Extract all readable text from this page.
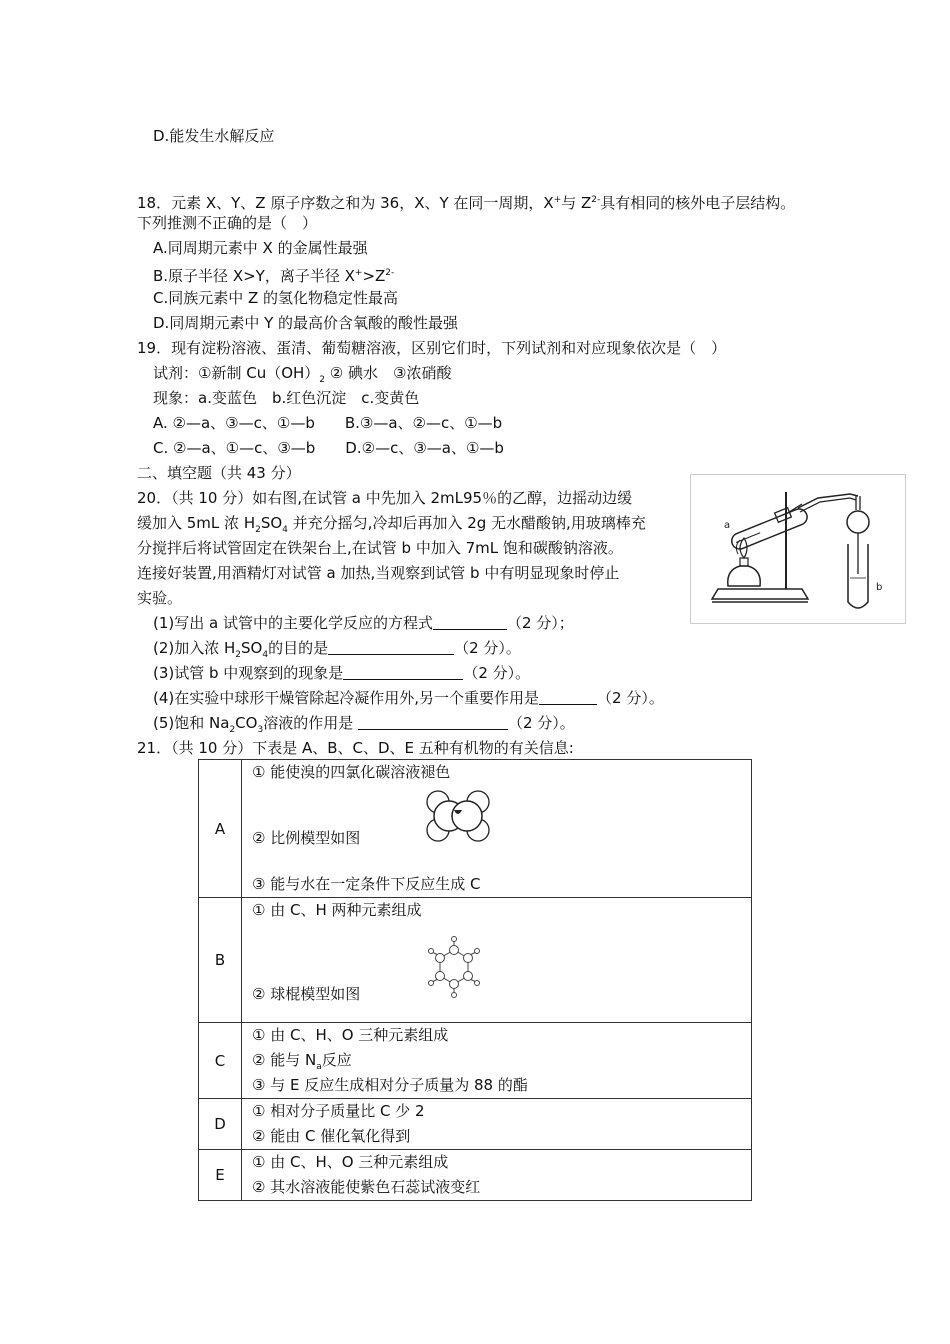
D.能发生水解反应
18．元素 X、Y、Z 原子序数之和为 36，X、Y 在同一周期，X+与 $Z^{2-}$具有相同的核外电子层结构。
下列推测不正确的是（　）
A.同周期元素中 X 的金属性最强
B.原子半径 X>Y，离子半径 $X^+>Z^{2-}$
C.同族元素中 Z 的氢化物稳定性最高
D.同周期元素中 Y 的最高价含氧酸的酸性最强
19．现有淀粉溶液、蛋清、葡萄糖溶液，区别它们时，下列试剂和对应现象依次是（　）
试剂：①新制 $Cu(OH)_2$ ② 碘水　③浓硝酸
现象：a.变蓝色　b.红色沉淀　c.变黄色
A. ②—a、③—c、①—b　　B.③—a、②—c、①—b
C. ②—a、①—c、③—b　　D.②—c、③—a、①—b
二、填空题（共 43 分）
20．（共 10 分）如右图,在试管 a 中先加入 2mL95％的乙醇，边摇动边缓
缓加入 5mL 浓 $H_2SO_4$ 并充分摇匀,冷却后再加入 2g 无水醋酸钠,用玻璃棒充
分搅拌后将试管固定在铁架台上,在试管 b 中加入 7mL 饱和碳酸钠溶液。
连接好装置,用酒精灯对试管 a 加热,当观察到试管 b 中有明显现象时停止
实验。
(1)写出 a 试管中的主要化学反应的方程式	（2 分）；
(2)加入浓 $H_2SO_4$的目的是	（2 分）。
(3)试管 b 中观察到的现象是	（2 分）。
(4)在实验中球形干燥管除起冷凝作用外,另一个重要作用是	（2 分）。
(5)饱和 $Na_2CO_3$溶液的作用是	（2 分）。
b
a
21．（共 10 分）下表是 A、B、C、D、E 五种有机物的有关信息:
A	① 能使溴的四氯化碳溶液褪色
② 比例模型如图
③ 能与水在一定条件下反应生成 C

B	① 由 C、H 两种元素组成
② 球棍模型如图

C	① 由 C、H、O 三种元素组成
② 能与 $N_a$反应
③ 与 E 反应生成相对分子质量为 88 的酯

D	① 相对分子质量比 C 少 2
② 能由 C 催化氧化得到

E	① 由 C、H、O 三种元素组成
② 其水溶液能使紫色石蕊试液变红
